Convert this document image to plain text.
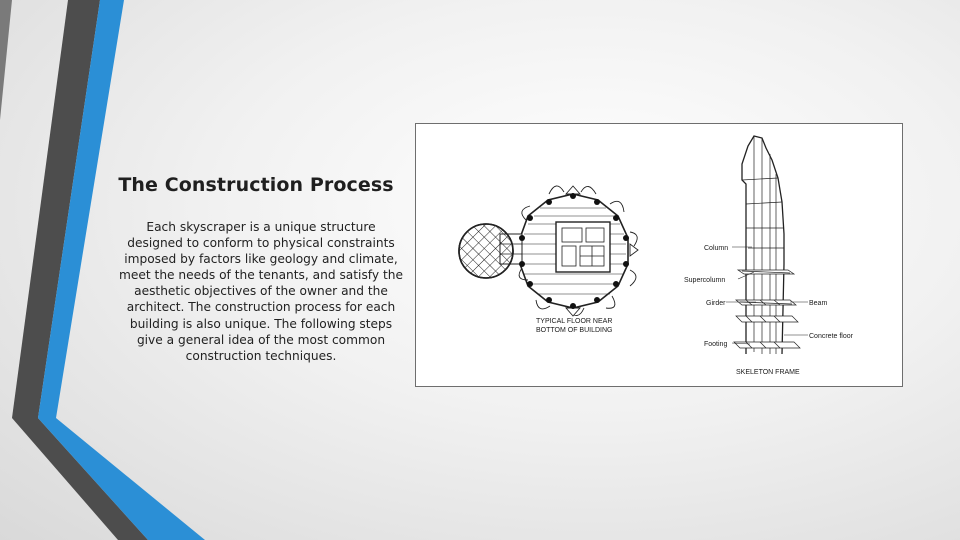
The Construction Process

Each skyscraper is a unique structure designed to conform to physical constraints imposed by factors like geology and climate, meet the needs of the tenants, and satisfy the aesthetic objectives of the owner and the architect. The construction process for each building is also unique. The following steps give a general idea of the most common construction techniques.

TYPICAL FLOOR NEAR
BOTTOM OF BUILDING
Column
Supercolumn
Girder	Beam
Concrete floor
Footing
SKELETON FRAME
